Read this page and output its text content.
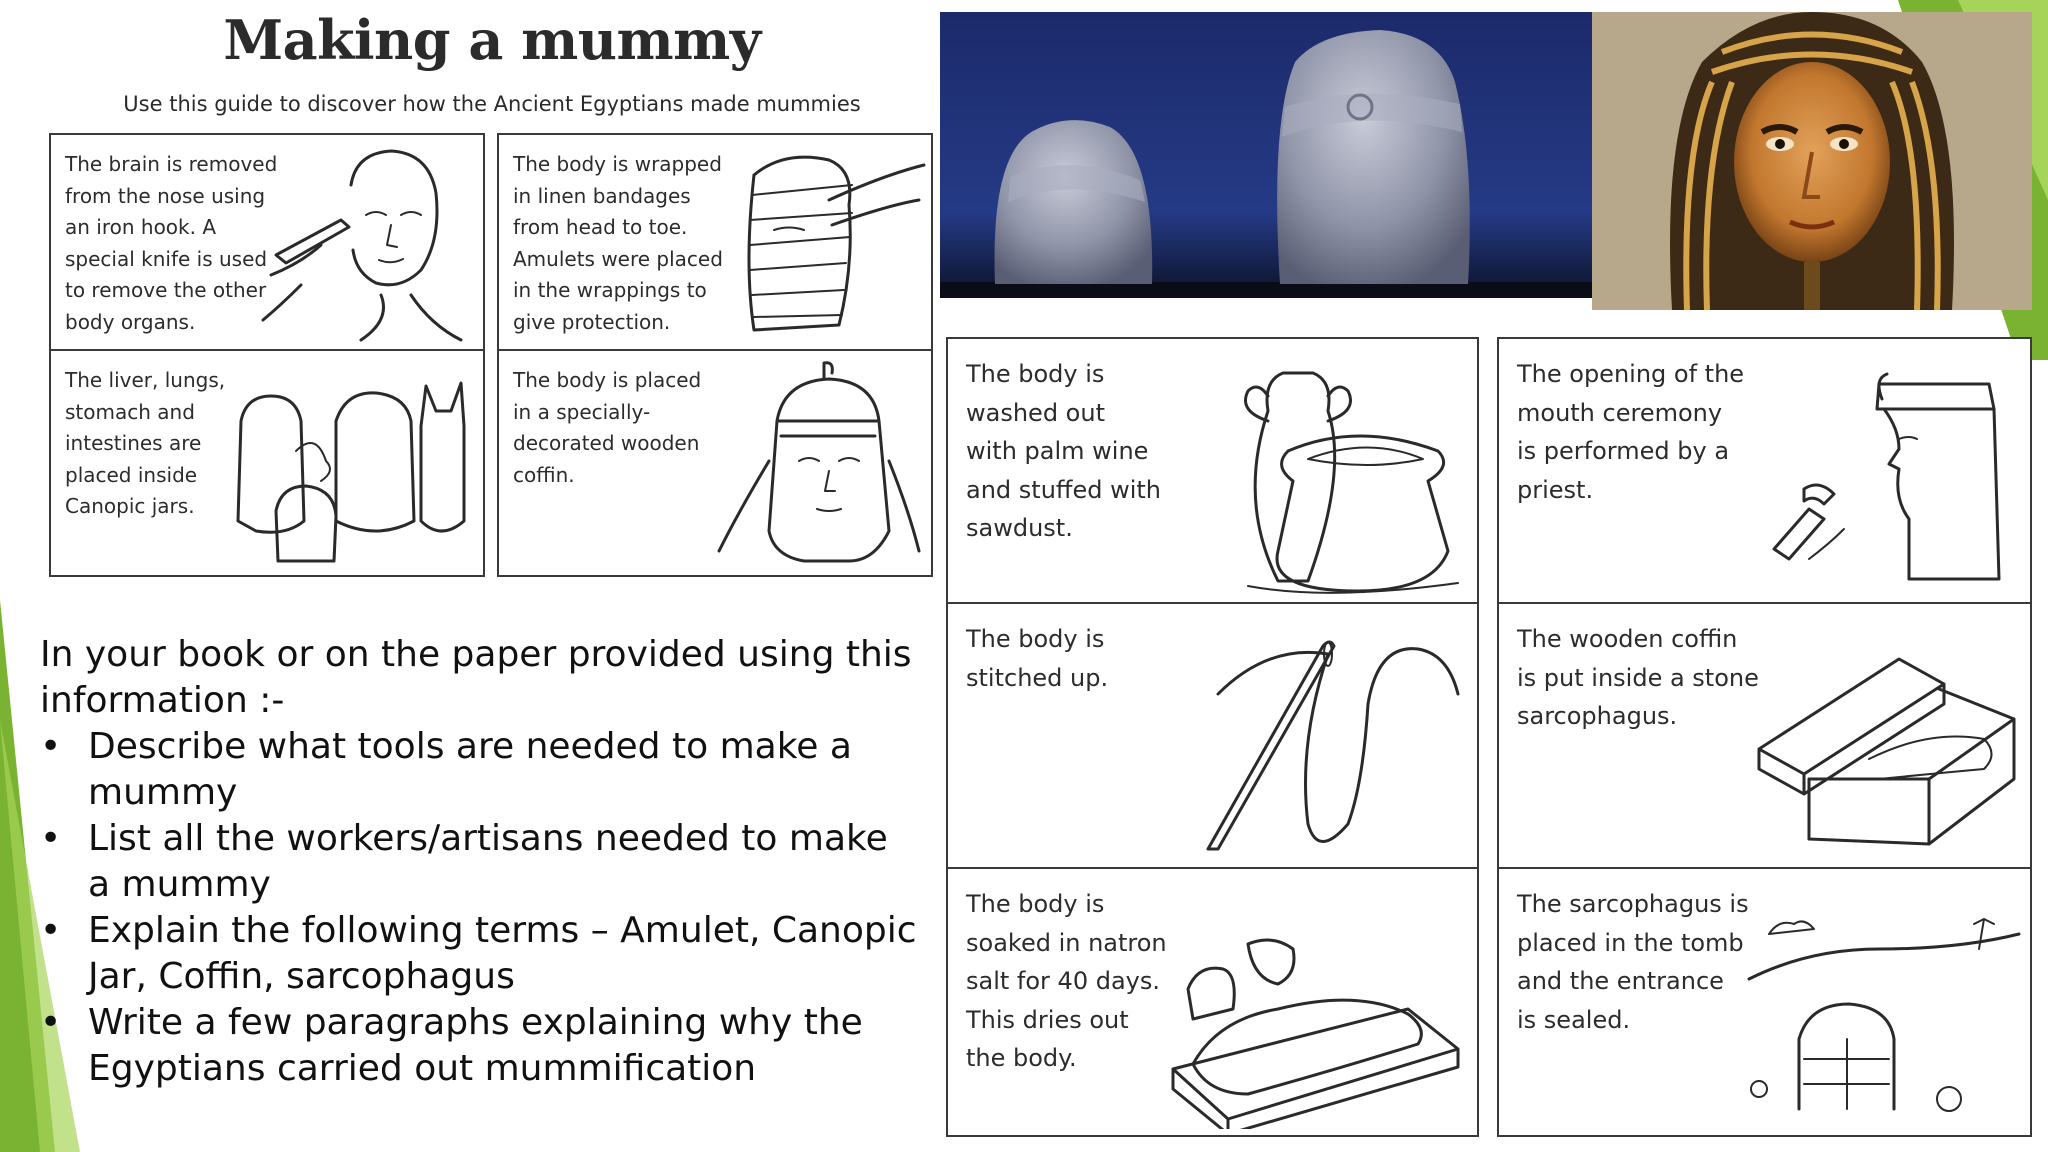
Making a mummy
Use this guide to discover how the Ancient Egyptians made mummies
The brain is removed
from the nose using
an iron hook. A
special knife is used
to remove the other
body organs.
The body is wrapped
in linen bandages
from head to toe.
Amulets were placed
in the wrappings to
give protection.
The liver, lungs,
stomach and
intestines are
placed inside
Canopic jars.
The body is placed
in a specially-
decorated wooden
coffin.

In your book or on the paper provided using this
information :-

• Describe what tools are needed to make a mummy
• List all the workers/artisans needed to make a mummy
• Explain the following terms – Amulet, Canopic Jar, Coffin, sarcophagus
• Write a few paragraphs explaining why the Egyptians carried out mummification
The body is
washed out
with palm wine
and stuffed with
sawdust.
The opening of the
mouth ceremony
is performed by a
priest.
The body is
stitched up.
The wooden coffin
is put inside a stone
sarcophagus.
The body is
soaked in natron
salt for 40 days.
This dries out
the body.
The sarcophagus is
placed in the tomb
and the entrance
is sealed.
